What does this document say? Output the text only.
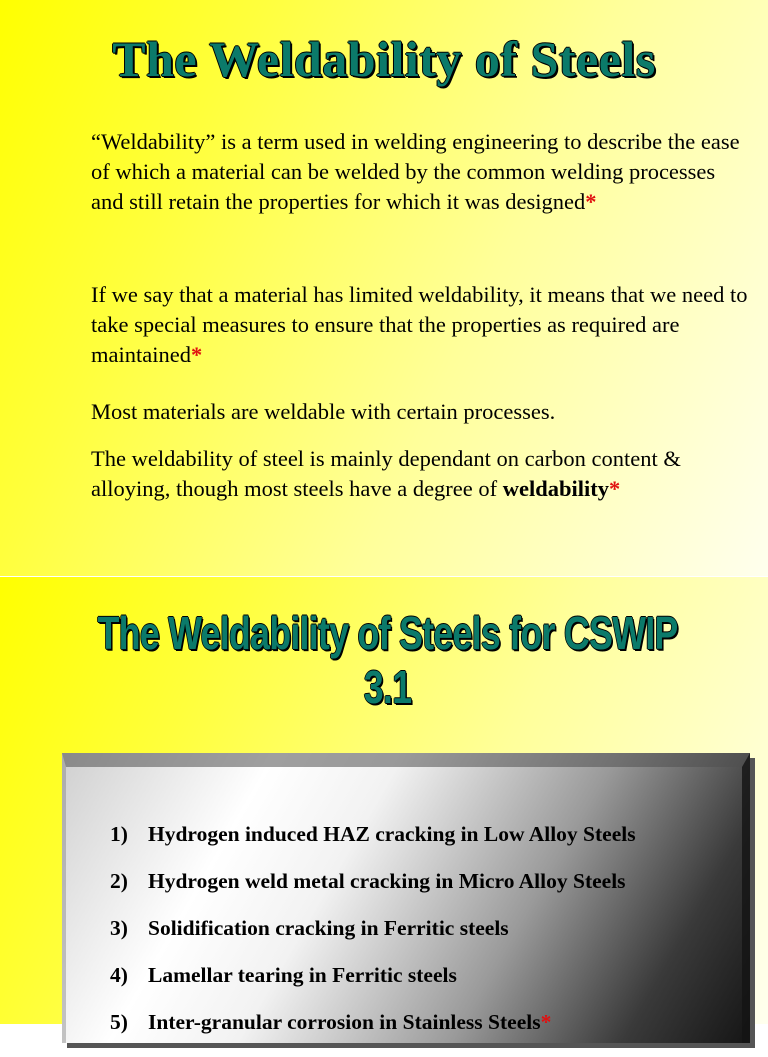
The Weldability of Steels

“Weldability” is a term used in welding engineering to describe the ease of which a material can be welded by the common welding processes and still retain the properties for which it was designed*

If we say that a material has limited weldability, it means that we need to take special measures to ensure that the properties as required are maintained*

Most materials are weldable with certain processes.

The weldability of steel is mainly dependant on carbon content & alloying, though most steels have a degree of weldability*

The Weldability of Steels for CSWIP 3.1
1) Hydrogen induced HAZ cracking in Low Alloy Steels
2) Hydrogen weld metal cracking in Micro Alloy Steels
3) Solidification cracking in Ferritic steels
4) Lamellar tearing in Ferritic steels
5) Inter-granular corrosion in Stainless Steels*
